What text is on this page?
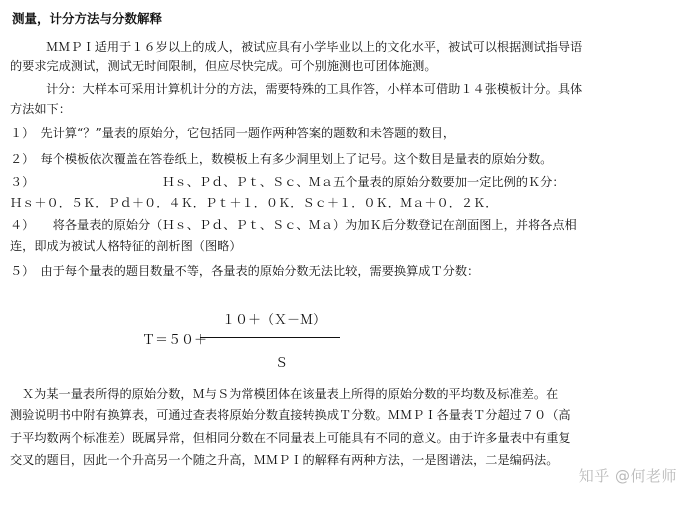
测量，计分方法与分数解释
ＭＭＰＩ适用于１６岁以上的成人，被试应具有小学毕业以上的文化水平，被试可以根据测试指导语
的要求完成测试，测试无时间限制，但应尽快完成。可个别施测也可团体施测。
计分：大样本可采用计算机计分的方法，需要特殊的工具作答，小样本可借助１４张模板计分。具体
方法如下：
１）　先计算“？”量表的原始分，它包括同一题作两种答案的题数和未答题的数目，
２）　每个模板依次覆盖在答卷纸上，数模板上有多少洞里划上了记号。这个数目是量表的原始分数。
３）　　　　　　　　　　　Ｈｓ、Ｐｄ、Ｐｔ、Ｓｃ、Ｍａ五个量表的原始分数要加一定比例的Ｋ分：
Ｈｓ＋０．５Ｋ．Ｐｄ＋０．４Ｋ．Ｐｔ＋１．０Ｋ．Ｓｃ＋１．０Ｋ．Ｍａ＋０．２Ｋ．
４）　　将各量表的原始分（Ｈｓ、Ｐｄ、Ｐｔ、Ｓｃ、Ｍａ）为加Ｋ后分数登记在剖面图上，并将各点相
连，即成为被试人格特征的剖析图（图略）
５）　由于每个量表的题目数量不等，各量表的原始分数无法比较，需要换算成Ｔ分数：
１０＋（Ｘ－Ｍ）
Ｔ＝５０＋
Ｓ
Ｘ为某一量表所得的原始分数，Ｍ与Ｓ为常模团体在该量表上所得的原始分数的平均数及标准差。在
测验说明书中附有换算表，可通过查表将原始分数直接转换成Ｔ分数。ＭＭＰＩ各量表Ｔ分超过７０（高
于平均数两个标准差）既属异常，但相同分数在不同量表上可能具有不同的意义。由于许多量表中有重复
交叉的题目，因此一个升高另一个随之升高，ＭＭＰＩ的解释有两种方法，一是图谱法，二是编码法。
知乎 @何老师
